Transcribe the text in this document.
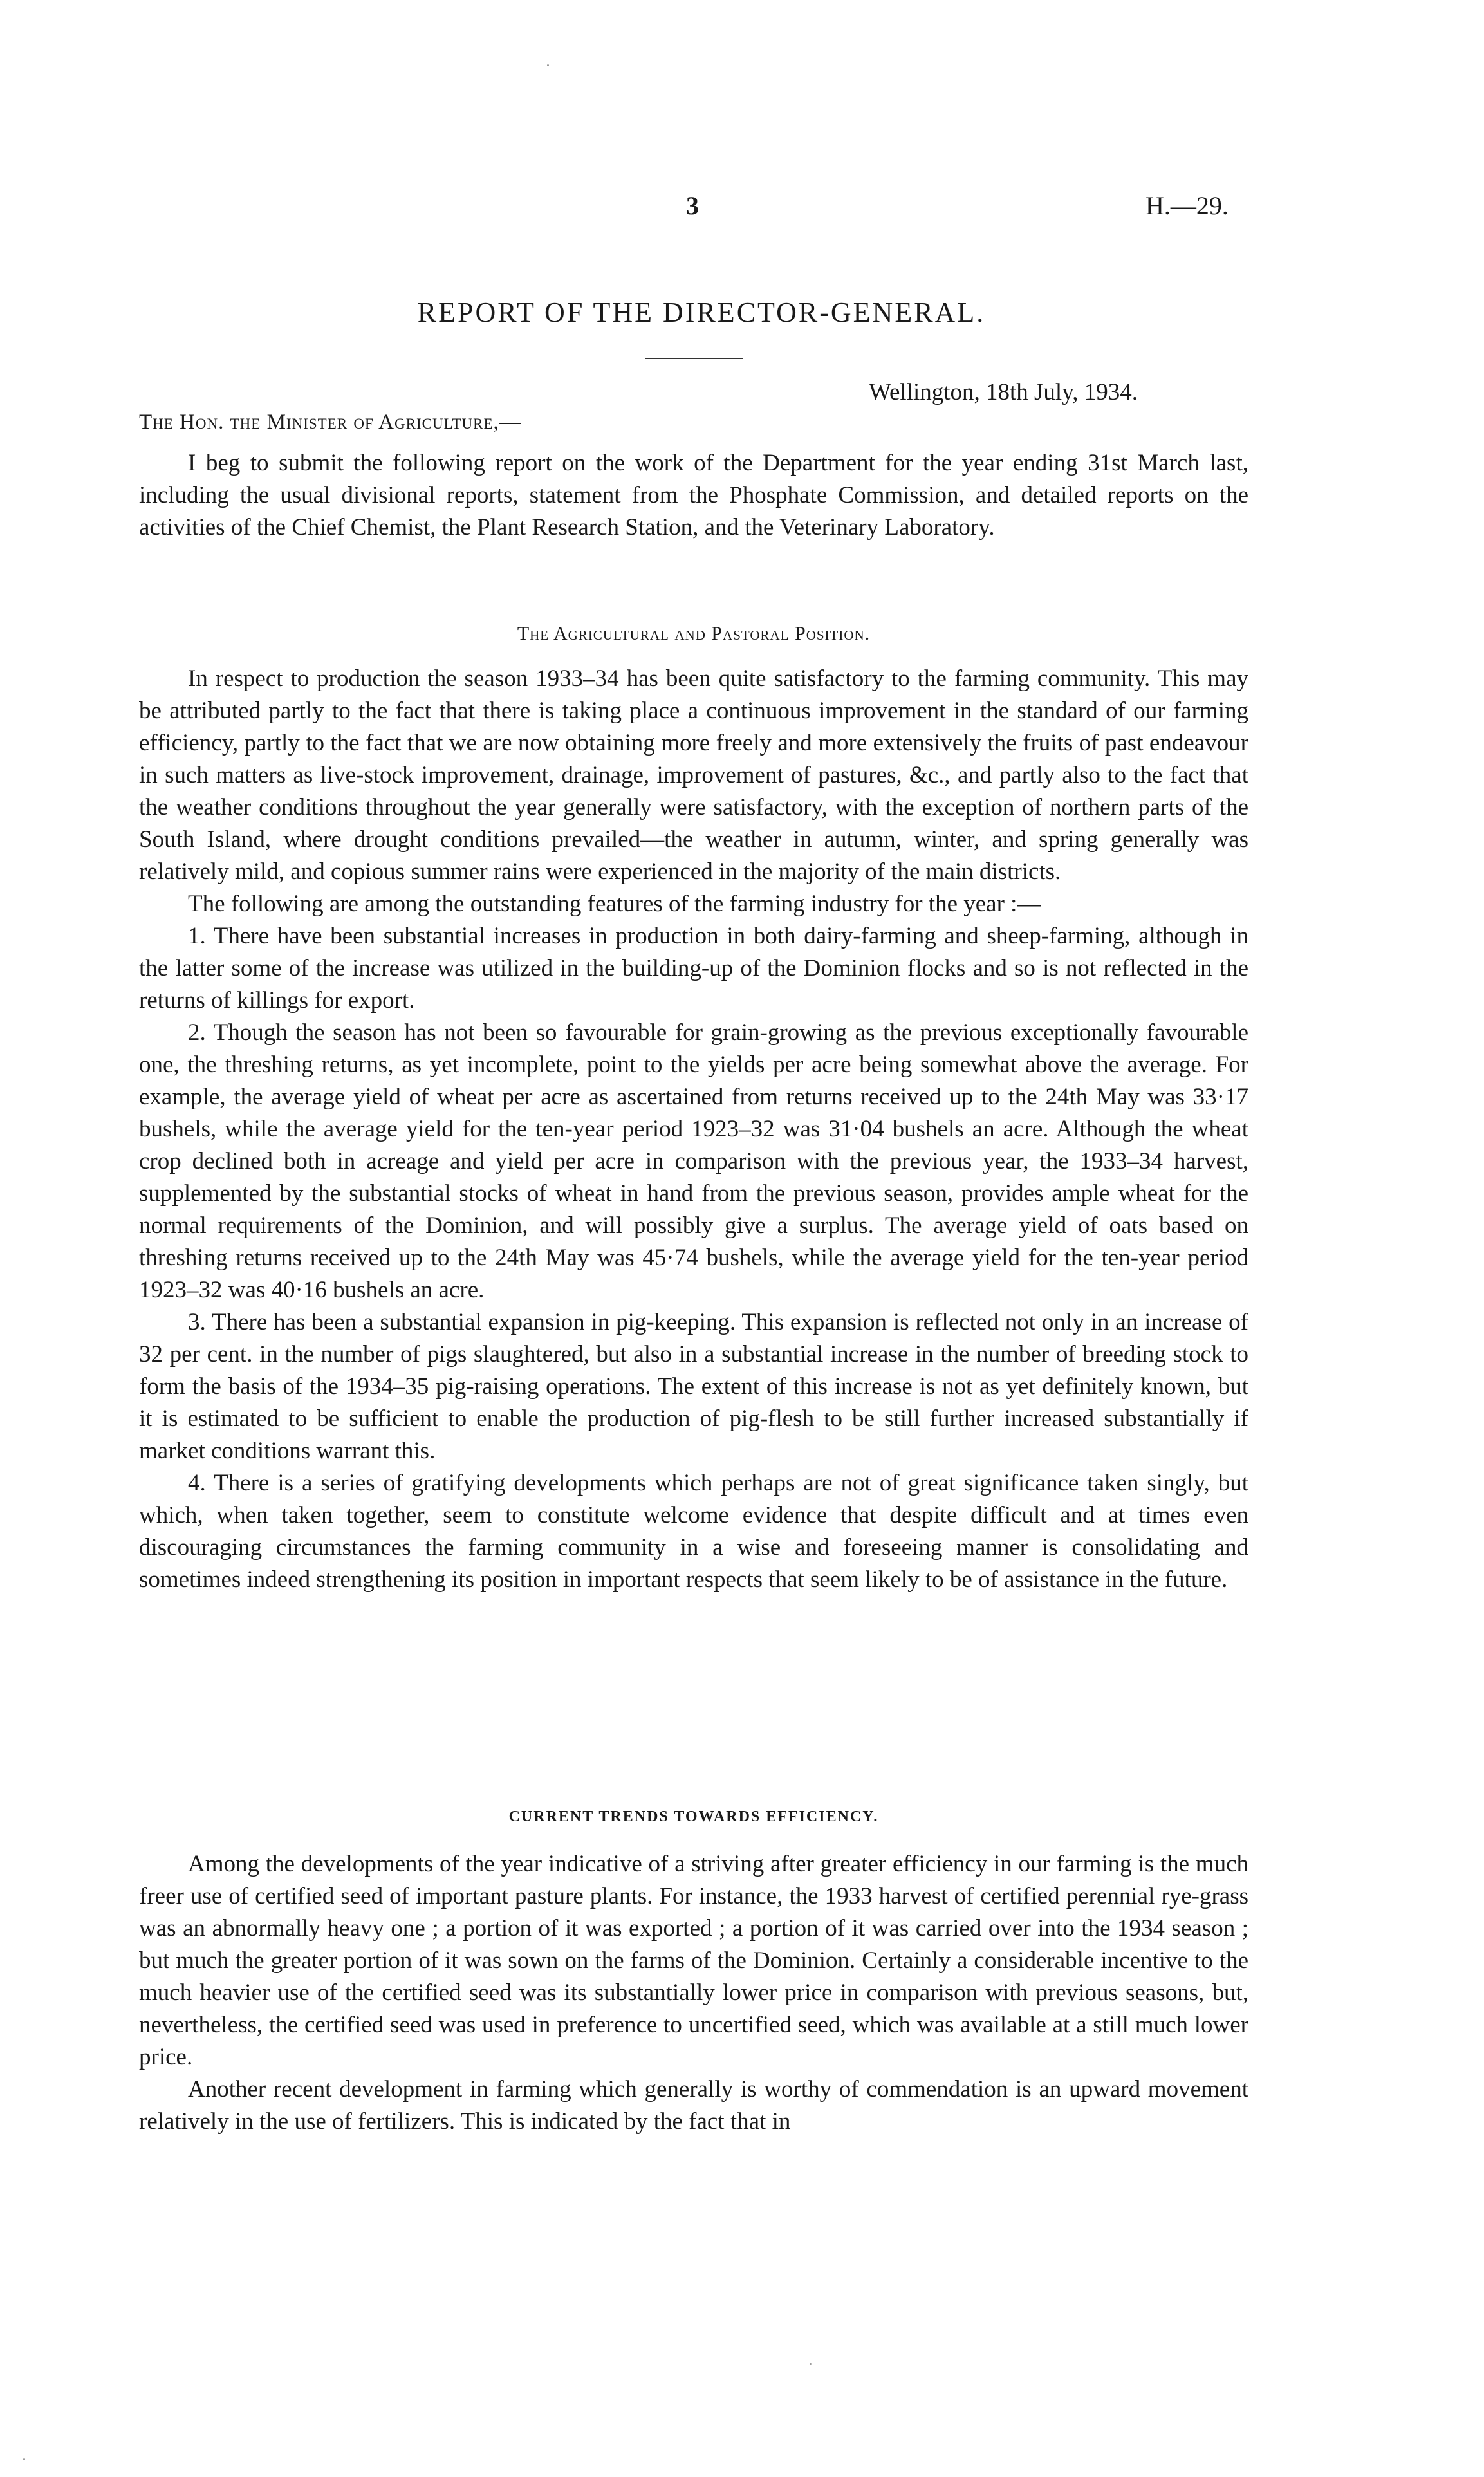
3	H.—29.
REPORT OF THE DIRECTOR-GENERAL.
Wellington, 18th July, 1934.
The Hon. the Minister of Agriculture,—

I beg to submit the following report on the work of the Department for the year ending 31st March last, including the usual divisional reports, statement from the Phosphate Commission, and detailed reports on the activities of the Chief Chemist, the Plant Research Station, and the Veterinary Laboratory.

The Agricultural and Pastoral Position.

In respect to production the season 1933–34 has been quite satisfactory to the farming community. This may be attributed partly to the fact that there is taking place a continuous improvement in the standard of our farming efficiency, partly to the fact that we are now obtaining more freely and more extensively the fruits of past endeavour in such matters as live-stock improvement, drainage, improvement of pastures, &c., and partly also to the fact that the weather conditions throughout the year generally were satisfactory, with the exception of northern parts of the South Island, where drought conditions prevailed—the weather in autumn, winter, and spring generally was relatively mild, and copious summer rains were experienced in the majority of the main districts.

The following are among the outstanding features of the farming industry for the year :—

1. There have been substantial increases in production in both dairy-farming and sheep-farming, although in the latter some of the increase was utilized in the building-up of the Dominion flocks and so is not reflected in the returns of killings for export.

2. Though the season has not been so favourable for grain-growing as the previous exceptionally favourable one, the threshing returns, as yet incomplete, point to the yields per acre being somewhat above the average. For example, the average yield of wheat per acre as ascertained from returns received up to the 24th May was 33·17 bushels, while the average yield for the ten-year period 1923–32 was 31·04 bushels an acre. Although the wheat crop declined both in acreage and yield per acre in comparison with the previous year, the 1933–34 harvest, supplemented by the substantial stocks of wheat in hand from the previous season, provides ample wheat for the normal requirements of the Dominion, and will possibly give a surplus. The average yield of oats based on threshing returns received up to the 24th May was 45·74 bushels, while the average yield for the ten-year period 1923–32 was 40·16 bushels an acre.

3. There has been a substantial expansion in pig-keeping. This expansion is reflected not only in an increase of 32 per cent. in the number of pigs slaughtered, but also in a substantial increase in the number of breeding stock to form the basis of the 1934–35 pig-raising operations. The extent of this increase is not as yet definitely known, but it is estimated to be sufficient to enable the production of pig-flesh to be still further increased substantially if market conditions warrant this.

4. There is a series of gratifying developments which perhaps are not of great significance taken singly, but which, when taken together, seem to constitute welcome evidence that despite difficult and at times even discouraging circumstances the farming community in a wise and foreseeing manner is consolidating and sometimes indeed strengthening its position in important respects that seem likely to be of assistance in the future.

CURRENT TRENDS TOWARDS EFFICIENCY.

Among the developments of the year indicative of a striving after greater efficiency in our farming is the much freer use of certified seed of important pasture plants. For instance, the 1933 harvest of certified perennial rye-grass was an abnormally heavy one ; a portion of it was exported ; a portion of it was carried over into the 1934 season ; but much the greater portion of it was sown on the farms of the Dominion. Certainly a considerable incentive to the much heavier use of the certified seed was its substantially lower price in comparison with previous seasons, but, nevertheless, the certified seed was used in preference to uncertified seed, which was available at a still much lower price.

Another recent development in farming which generally is worthy of commendation is an upward movement relatively in the use of fertilizers. This is indicated by the fact that in
